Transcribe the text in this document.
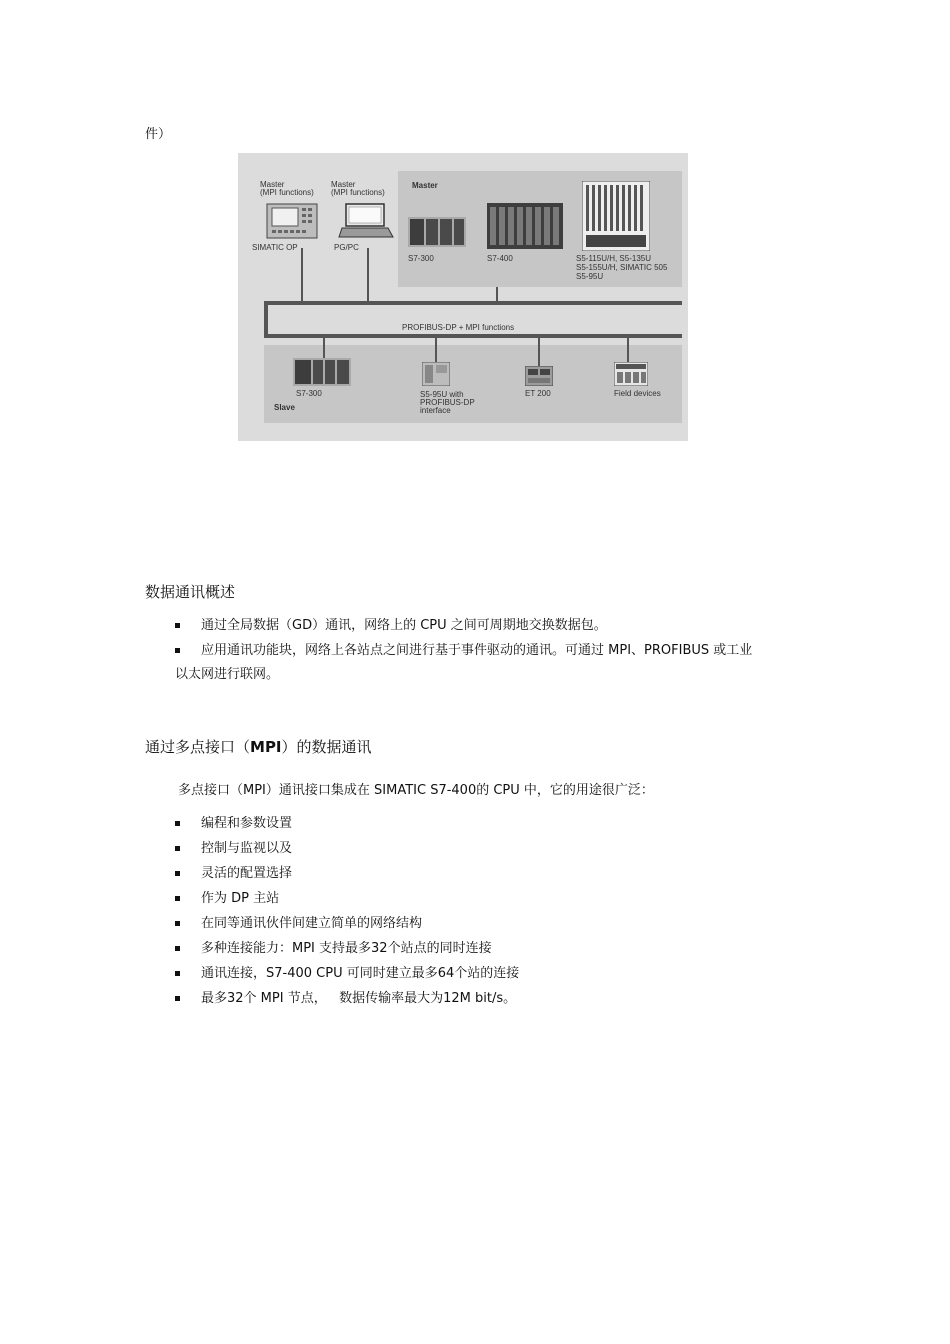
件）
Master
Slave
PROFIBUS-DP + MPI functions
Master
(MPI functions)
SIMATIC OP
Master
(MPI functions)
PG/PC
S7-300	S7-400	S5-115U/H, S5-135U
S5-155U/H, SIMATIC 505
S5-95U
S7-300	S5-95U with
PROFIBUS-DP
interface
ET 200	Field devices
数据通讯概述
通过全局数据（GD）通讯，网络上的 CPU 之间可周期地交换数据包。
应用通讯功能块，网络上各站点之间进行基于事件驱动的通讯。可通过 MPI、PROFIBUS 或工业
以太网进行联网。
通过多点接口（MPI）的数据通讯
多点接口（MPI）通讯接口集成在 SIMATIC S7-400的 CPU 中，它的用途很广泛：
编程和参数设置
控制与监视以及
灵活的配置选择
作为 DP 主站
在同等通讯伙伴间建立简单的网络结构
多种连接能力：MPI 支持最多32个站点的同时连接
通讯连接，S7-400 CPU 可同时建立最多64个站的连接
最多32个 MPI 节点，   数据传输率最大为12M bit/s。
